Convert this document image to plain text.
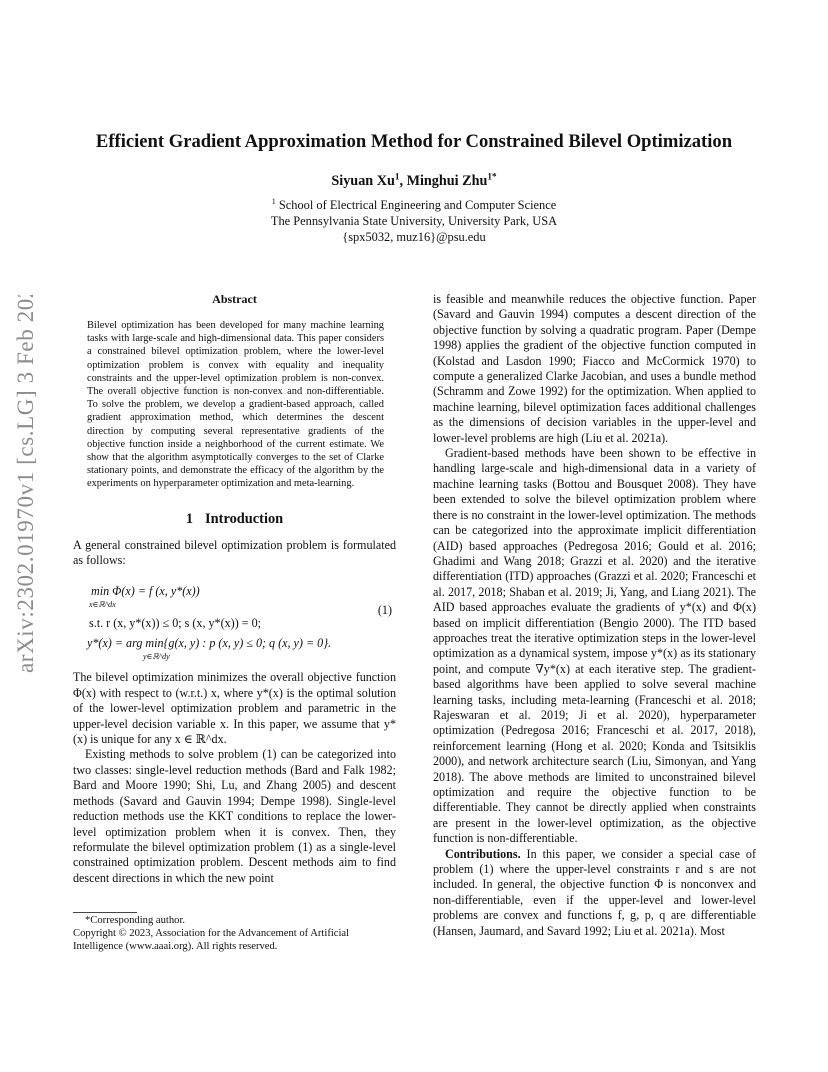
arXiv:2302.01970v1 [cs.LG] 3 Feb 2023
Efficient Gradient Approximation Method for Constrained Bilevel Optimization
Siyuan Xu$^1$, Minghui Zhu$^{1*}$
$^1$ School of Electrical Engineering and Computer Science
The Pennsylvania State University, University Park, USA
{spx5032, muz16}@psu.edu
Abstract

Bilevel optimization has been developed for many machine learning tasks with large-scale and high-dimensional data. This paper considers a constrained bilevel optimization problem, where the lower-level optimization problem is convex with equality and inequality constraints and the upper-level optimization problem is non-convex. The overall objective function is non-convex and non-differentiable. To solve the problem, we develop a gradient-based approach, called gradient approximation method, which determines the descent direction by computing several representative gradients of the objective function inside a neighborhood of the current estimate. We show that the algorithm asymptotically converges to the set of Clarke stationary points, and demonstrate the efficacy of the algorithm by the experiments on hyperparameter optimization and meta-learning.

1 Introduction

A general constrained bilevel optimization problem is formulated as follows:

min Φ(x) = f (x, y*(x))
x∈ℝ^dx
s.t. r (x, y*(x)) ≤ 0; s (x, y*(x)) = 0;
y*(x) = arg min{g(x, y) : p (x, y) ≤ 0; q (x, y) = 0}.
y∈ℝ^dy
(1)

The bilevel optimization minimizes the overall objective function Φ(x) with respect to (w.r.t.) x, where y*(x) is the optimal solution of the lower-level optimization problem and parametric in the upper-level decision variable x. In this paper, we assume that y*(x) is unique for any x ∈ ℝ^dx.

Existing methods to solve problem (1) can be categorized into two classes: single-level reduction methods (Bard and Falk 1982; Bard and Moore 1990; Shi, Lu, and Zhang 2005) and descent methods (Savard and Gauvin 1994; Dempe 1998). Single-level reduction methods use the KKT conditions to replace the lower-level optimization problem when it is convex. Then, they reformulate the bilevel optimization problem (1) as a single-level constrained optimization problem. Descent methods aim to find descent directions in which the new point

is feasible and meanwhile reduces the objective function. Paper (Savard and Gauvin 1994) computes a descent direction of the objective function by solving a quadratic program. Paper (Dempe 1998) applies the gradient of the objective function computed in (Kolstad and Lasdon 1990; Fiacco and McCormick 1970) to compute a generalized Clarke Jacobian, and uses a bundle method (Schramm and Zowe 1992) for the optimization. When applied to machine learning, bilevel optimization faces additional challenges as the dimensions of decision variables in the upper-level and lower-level problems are high (Liu et al. 2021a).

Gradient-based methods have been shown to be effective in handling large-scale and high-dimensional data in a variety of machine learning tasks (Bottou and Bousquet 2008). They have been extended to solve the bilevel optimization problem where there is no constraint in the lower-level optimization. The methods can be categorized into the approximate implicit differentiation (AID) based approaches (Pedregosa 2016; Gould et al. 2016; Ghadimi and Wang 2018; Grazzi et al. 2020) and the iterative differentiation (ITD) approaches (Grazzi et al. 2020; Franceschi et al. 2017, 2018; Shaban et al. 2019; Ji, Yang, and Liang 2021). The AID based approaches evaluate the gradients of y*(x) and Φ(x) based on implicit differentiation (Bengio 2000). The ITD based approaches treat the iterative optimization steps in the lower-level optimization as a dynamical system, impose y*(x) as its stationary point, and compute ∇y*(x) at each iterative step. The gradient-based algorithms have been applied to solve several machine learning tasks, including meta-learning (Franceschi et al. 2018; Rajeswaran et al. 2019; Ji et al. 2020), hyperparameter optimization (Pedregosa 2016; Franceschi et al. 2017, 2018), reinforcement learning (Hong et al. 2020; Konda and Tsitsiklis 2000), and network architecture search (Liu, Simonyan, and Yang 2018). The above methods are limited to unconstrained bilevel optimization and require the objective function to be differentiable. They cannot be directly applied when constraints are present in the lower-level optimization, as the objective function is non-differentiable.

Contributions. In this paper, we consider a special case of problem (1) where the upper-level constraints r and s are not included. In general, the objective function Φ is nonconvex and non-differentiable, even if the upper-level and lower-level problems are convex and functions f, g, p, q are differentiable (Hansen, Jaumard, and Savard 1992; Liu et al. 2021a). Most

*Corresponding author.
Copyright © 2023, Association for the Advancement of Artificial Intelligence (www.aaai.org). All rights reserved.
